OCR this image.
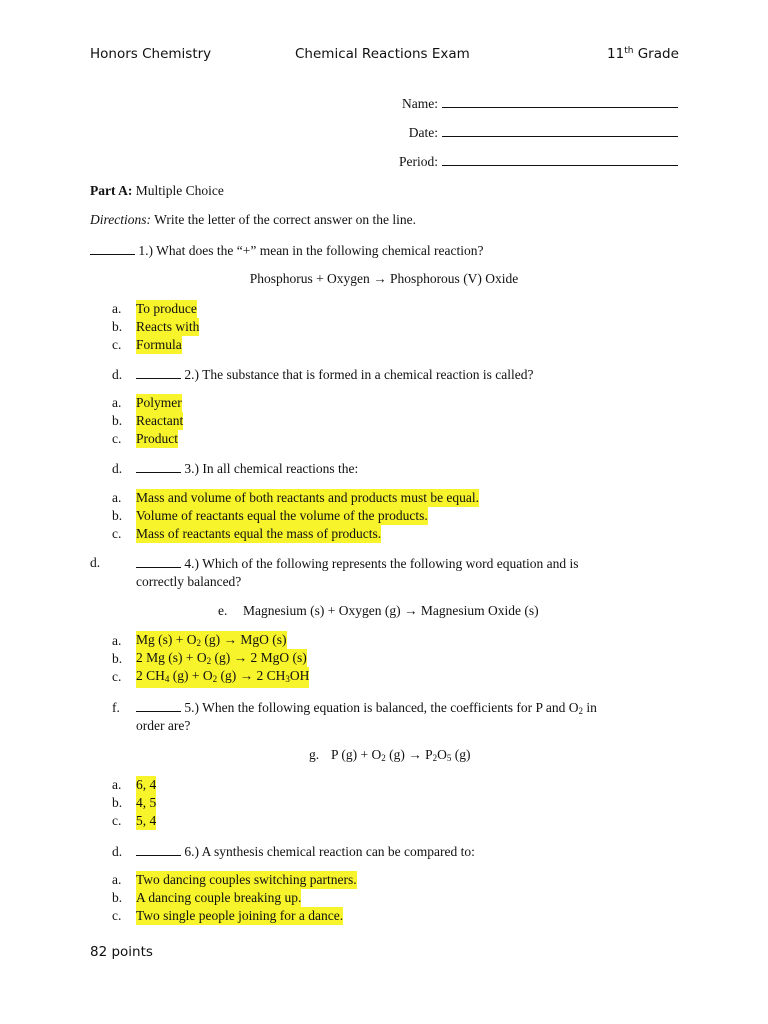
Honors Chemistry	Chemical Reactions Exam	11th Grade
Name:
Date:
Period:
Part A: Multiple Choice
Directions: Write the letter of the correct answer on the line.
1.) What does the “+” mean in the following chemical reaction?
Phosphorus + Oxygen → Phosphorous (V) Oxide
a.	To produce
b.	Reacts with
c.	Formula
d.	2.) The substance that is formed in a chemical reaction is called?
a.	Polymer
b.	Reactant
c.	Product
d.	3.) In all chemical reactions the:
a.	Mass and volume of both reactants and products must be equal.
b.	Volume of reactants equal the volume of the products.
c.	Mass of reactants equal the mass of products.
d.	4.) Which of the following represents the following word equation and is
correctly balanced?
e. Magnesium (s) + Oxygen (g) → Magnesium Oxide (s)
a.	Mg $(s) + O_2$ (g) → MgO (s)
b.	2 Mg $(s) + O_2$ (g) → 2 MgO (s)
c.	2 $CH_4$ $(g) + O_2$ (g) → 2 $CH_3OH$
f.	5.) When the following equation is balanced, the coefficients for P and $O_2$ in
order are?
g. P $(g) + O_2$ $(g) \to P_2O_5$ (g)
a.	6, 4
b.	4, 5
c.	5, 4
d.	6.) A synthesis chemical reaction can be compared to:
a.	Two dancing couples switching partners.
b.	A dancing couple breaking up.
c.	Two single people joining for a dance.
82 points
